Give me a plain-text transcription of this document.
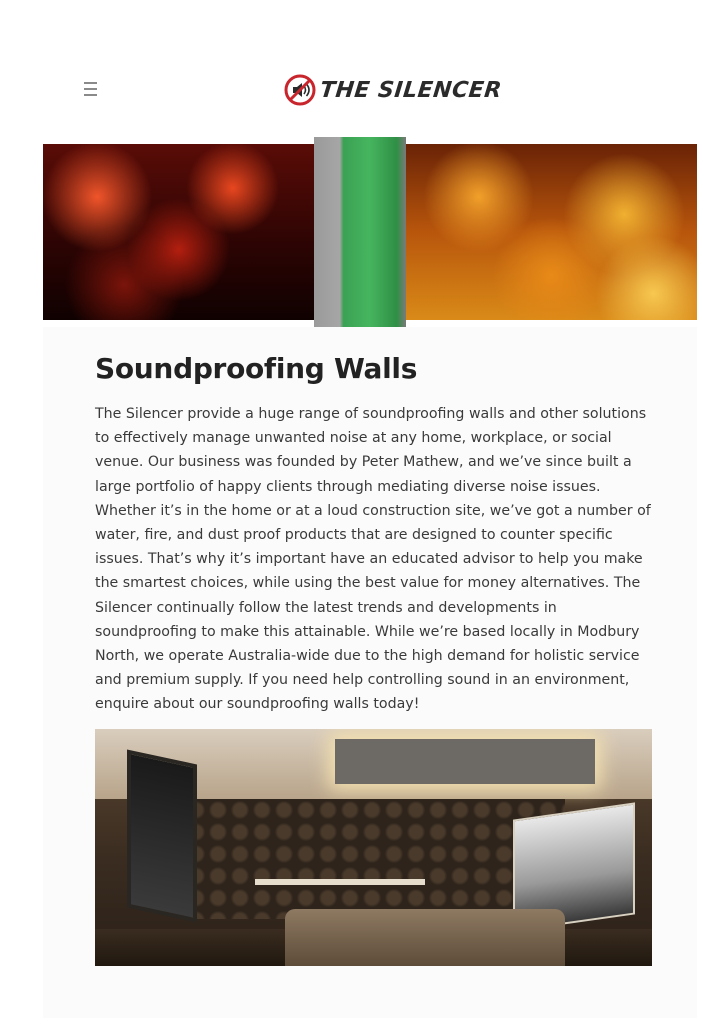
THE SILENCER
Soundproofing Walls

The Silencer provide a huge range of soundproofing walls and other solutions to effectively manage unwanted noise at any home, workplace, or social venue. Our business was founded by Peter Mathew, and we’ve since built a large portfolio of happy clients through mediating diverse noise issues. Whether it’s in the home or at a loud construction site, we’ve got a number of water, fire, and dust proof products that are designed to counter specific issues. That’s why it’s important have an educated advisor to help you make the smartest choices, while using the best value for money alternatives. The Silencer continually follow the latest trends and developments in soundproofing to make this attainable. While we’re based locally in Modbury North, we operate Australia-wide due to the high demand for holistic service and premium supply. If you need help controlling sound in an environment, enquire about our soundproofing walls today!
